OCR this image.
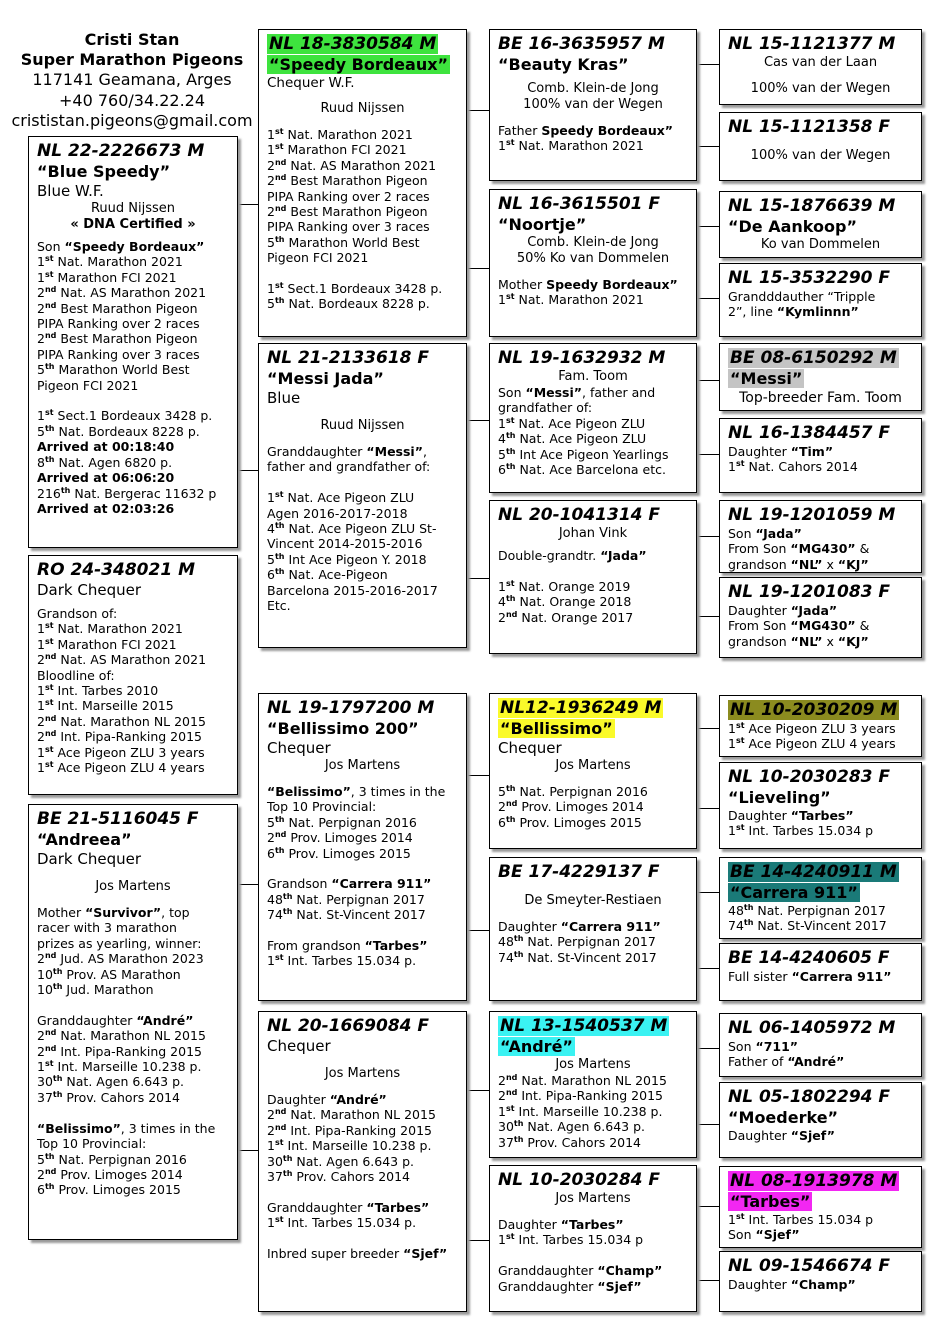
Cristi Stan
Super Marathon Pigeons
117141 Geamana, Arges
+40 760/34.22.24
crististan.pigeons@gmail.com
NL 22-2226673 M
“Blue Speedy”
Blue W.F.
Ruud Nijssen
« DNA Certified »
Son “Speedy Bordeaux”
1st Nat. Marathon 2021
1st Marathon FCI 2021
2nd Nat. AS Marathon 2021
2nd Best Marathon Pigeon
PIPA Ranking over 2 races
2nd Best Marathon Pigeon
PIPA Ranking over 3 races
5th Marathon World Best
Pigeon FCI 2021

1st Sect.1 Bordeaux 3428 p.
5th Nat. Bordeaux 8228 p.
Arrived at 00:18:40
8th Nat. Agen 6820 p.
Arrived at 06:06:20
216th Nat. Bergerac 11632 p
Arrived at 02:03:26
RO 24-348021 M
Dark Chequer
Grandson of:
1st Nat. Marathon 2021
1st Marathon FCI 2021
2nd Nat. AS Marathon 2021
Bloodline of:
1st Int. Tarbes 2010
1st Int. Marseille 2015
2nd Nat. Marathon NL 2015
2nd Int. Pipa-Ranking 2015
1st Ace Pigeon ZLU 3 years
1st Ace Pigeon ZLU 4 years
BE 21-5116045 F
“Andreea”
Dark Chequer
Jos Martens
Mother “Survivor”, top
racer with 3 marathon
prizes as yearling, winner:
2nd Jud. AS Marathon 2023
10th Prov. AS Marathon
10th Jud. Marathon

Granddaughter “André”
2nd Nat. Marathon NL 2015
2nd Int. Pipa-Ranking 2015
1st Int. Marseille 10.238 p.
30th Nat. Agen 6.643 p.
37th Prov. Cahors 2014

“Belissimo”, 3 times in the
Top 10 Provincial:
5th Nat. Perpignan 2016
2nd Prov. Limoges 2014
6th Prov. Limoges 2015
NL 18-3830584 M
“Speedy Bordeaux”
Chequer W.F.
Ruud Nijssen
1st Nat. Marathon 2021
1st Marathon FCI 2021
2nd Nat. AS Marathon 2021
2nd Best Marathon Pigeon
PIPA Ranking over 2 races
2nd Best Marathon Pigeon
PIPA Ranking over 3 races
5th Marathon World Best
Pigeon FCI 2021

1st Sect.1 Bordeaux 3428 p.
5th Nat. Bordeaux 8228 p.
NL 21-2133618 F
“Messi Jada”
Blue
Ruud Nijssen
Granddaughter “Messi”,
father and grandfather of:

1st Nat. Ace Pigeon ZLU
Agen 2016-2017-2018
4th Nat. Ace Pigeon ZLU St-
Vincent 2014-2015-2016
5th Int Ace Pigeon Y. 2018
6th Nat. Ace-Pigeon
Barcelona 2015-2016-2017
Etc.
NL 19-1797200 M
“Bellissimo 200”
Chequer
Jos Martens
“Belissimo”, 3 times in the
Top 10 Provincial:
5th Nat. Perpignan 2016
2nd Prov. Limoges 2014
6th Prov. Limoges 2015

Grandson “Carrera 911”
48th Nat. Perpignan 2017
74th Nat. St-Vincent 2017

From grandson “Tarbes”
1st Int. Tarbes 15.034 p.
NL 20-1669084 F
Chequer
Jos Martens
Daughter “André”
2nd Nat. Marathon NL 2015
2nd Int. Pipa-Ranking 2015
1st Int. Marseille 10.238 p.
30th Nat. Agen 6.643 p.
37th Prov. Cahors 2014

Granddaughter “Tarbes”
1st Int. Tarbes 15.034 p.

Inbred super breeder “Sjef”
BE 16-3635957 M
“Beauty Kras”
Comb. Klein-de Jong
100% van der Wegen
Father Speedy Bordeaux”
1st Nat. Marathon 2021
NL 16-3615501 F
“Noortje”
Comb. Klein-de Jong
50% Ko van Dommelen
Mother Speedy Bordeaux”
1st Nat. Marathon 2021
NL 19-1632932 M
Fam. Toom
Son “Messi”, father and
grandfather of:
1st Nat. Ace Pigeon ZLU
4th Nat. Ace Pigeon ZLU
5th Int Ace Pigeon Yearlings
6th Nat. Ace Barcelona etc.
NL 20-1041314 F
Johan Vink
Double-grandtr. “Jada”

1st Nat. Orange 2019
4th Nat. Orange 2018
2nd Nat. Orange 2017
NL12-1936249 M
“Bellissimo”
Chequer
Jos Martens
5th Nat. Perpignan 2016
2nd Prov. Limoges 2014
6th Prov. Limoges 2015
BE 17-4229137 F
De Smeyter-Restiaen
Daughter “Carrera 911”
48th Nat. Perpignan 2017
74th Nat. St-Vincent 2017
NL 13-1540537 M
“André”
Jos Martens
2nd Nat. Marathon NL 2015
2nd Int. Pipa-Ranking 2015
1st Int. Marseille 10.238 p.
30th Nat. Agen 6.643 p.
37th Prov. Cahors 2014
NL 10-2030284 F
Jos Martens
Daughter “Tarbes”
1st Int. Tarbes 15.034 p

Granddaughter “Champ”
Granddaughter “Sjef”
NL 15-1121377 M
Cas van der Laan
100% van der Wegen
NL 15-1121358 F
100% van der Wegen
NL 15-1876639 M
“De Aankoop”
Ko van Dommelen
NL 15-3532290 F
Grandddauther “Tripple
2”, line “Kymlinnn”
BE 08-6150292 M
“Messi”
Top-breeder Fam. Toom
NL 16-1384457 F
Daughter “Tim”
1st Nat. Cahors 2014
NL 19-1201059 M
Son “Jada”
From Son “MG430” &
grandson “NL” x “KJ”
NL 19-1201083 F
Daughter “Jada”
From Son “MG430” &
grandson “NL” x “KJ”
NL 10-2030209 M
1st Ace Pigeon ZLU 3 years
1st Ace Pigeon ZLU 4 years
NL 10-2030283 F
“Lieveling”
Daughter “Tarbes”
1st Int. Tarbes 15.034 p
BE 14-4240911 M
“Carrera 911”
48th Nat. Perpignan 2017
74th Nat. St-Vincent 2017
BE 14-4240605 F
Full sister “Carrera 911”
NL 06-1405972 M
Son “711”
Father of “André”
NL 05-1802294 F
“Moederke”
Daughter “Sjef”
NL 08-1913978 M
“Tarbes”
1st Int. Tarbes 15.034 p
Son “Sjef”
NL 09-1546674 F
Daughter “Champ”
